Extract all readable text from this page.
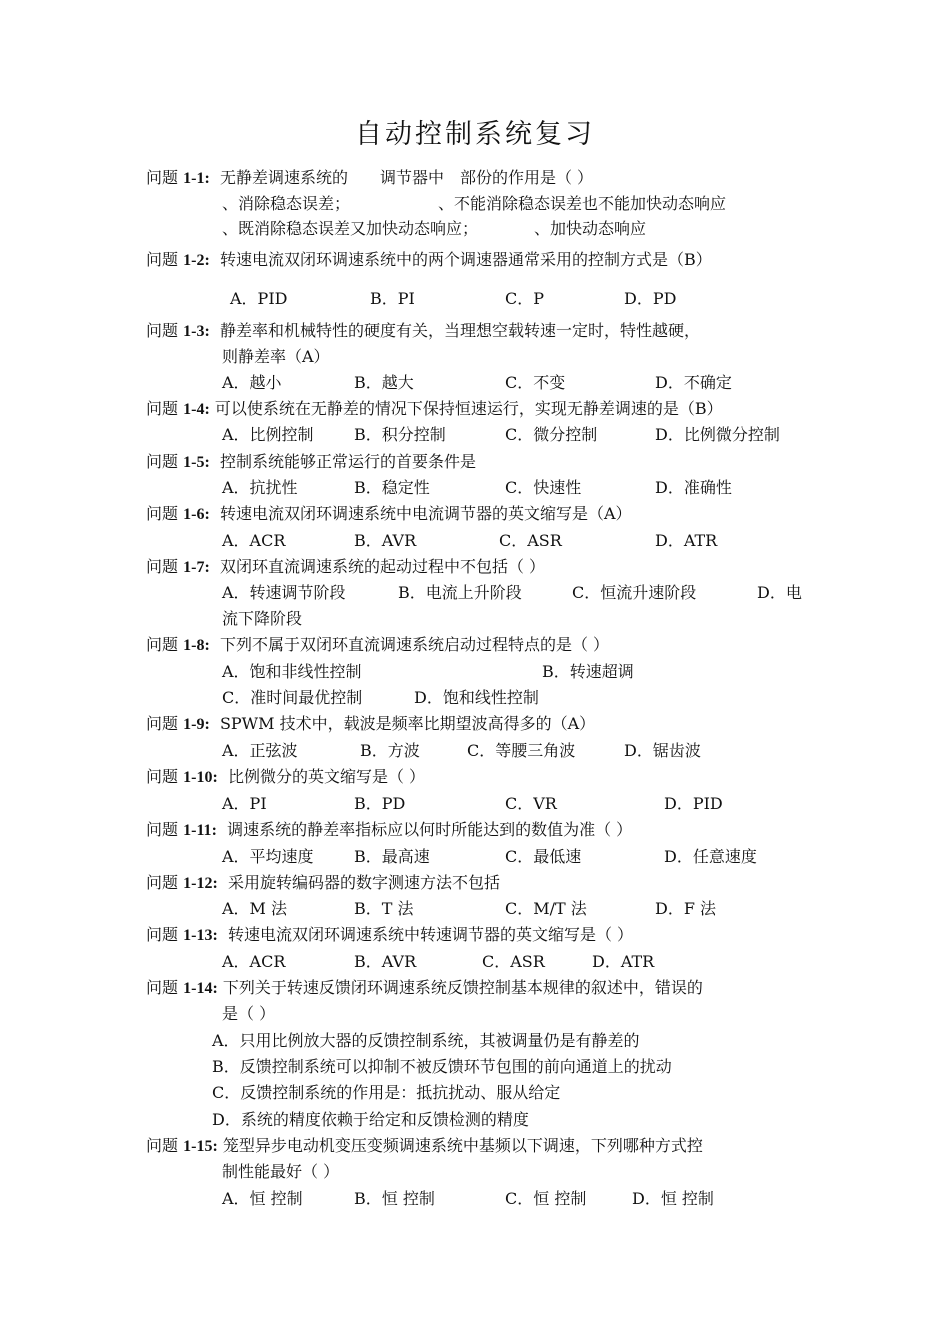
自动控制系统复习
问题 1-1: 无静差调速系统的　　调节器中　部份的作用是（ ）
、消除稳态误差；　　　　　　、不能消除稳态误差也不能加快动态响应
、既消除稳态误差又加快动态响应；　　　　、加快动态响应
问题 1-2: 转速电流双闭环调速系统中的两个调速器通常采用的控制方式是（B）
A．PID	B．PI	C．P	D．PD
问题 1-3: 静差率和机械特性的硬度有关，当理想空载转速一定时，特性越硬，
则静差率（A）
A．越小	B．越大	C．不变	D．不确定
问题 1-4: 可以使系统在无静差的情况下保持恒速运行，实现无静差调速的是（B）
A．比例控制	B．积分控制	C．微分控制	D．比例微分控制
问题 1-5: 控制系统能够正常运行的首要条件是
A．抗扰性	B．稳定性	C．快速性	D．准确性
问题 1-6: 转速电流双闭环调速系统中电流调节器的英文缩写是（A）
A．ACR	B．AVR	C．ASR	D．ATR
问题 1-7: 双闭环直流调速系统的起动过程中不包括（ ）
A．转速调节阶段	B．电流上升阶段	C．恒流升速阶段	D．电
流下降阶段
问题 1-8: 下列不属于双闭环直流调速系统启动过程特点的是（ ）
A．饱和非线性控制	B．转速超调
C．准时间最优控制	D．饱和线性控制
问题 1-9: SPWM 技术中，载波是频率比期望波高得多的（A）
A．正弦波	B．方波	C．等腰三角波	D．锯齿波
问题 1-10: 比例微分的英文缩写是（ ）
A．PI	B．PD	C．VR	D．PID
问题 1-11: 调速系统的静差率指标应以何时所能达到的数值为准（ ）
A．平均速度	B．最高速	C．最低速	D．任意速度
问题 1-12: 采用旋转编码器的数字测速方法不包括
A．M 法	B．T 法	C．M/T 法	D．F 法
问题 1-13: 转速电流双闭环调速系统中转速调节器的英文缩写是（ ）
A．ACR	B．AVR	C．ASR	D．ATR
问题 1-14: 下列关于转速反馈闭环调速系统反馈控制基本规律的叙述中，错误的
是（ ）
A．只用比例放大器的反馈控制系统，其被调量仍是有静差的
B．反馈控制系统可以抑制不被反馈环节包围的前向通道上的扰动
C．反馈控制系统的作用是：抵抗扰动、服从给定
D．系统的精度依赖于给定和反馈检测的精度
问题 1-15: 笼型异步电动机变压变频调速系统中基频以下调速，下列哪种方式控
制性能最好（ ）
A．恒 控制	B．恒 控制	C．恒 控制	D．恒 控制
